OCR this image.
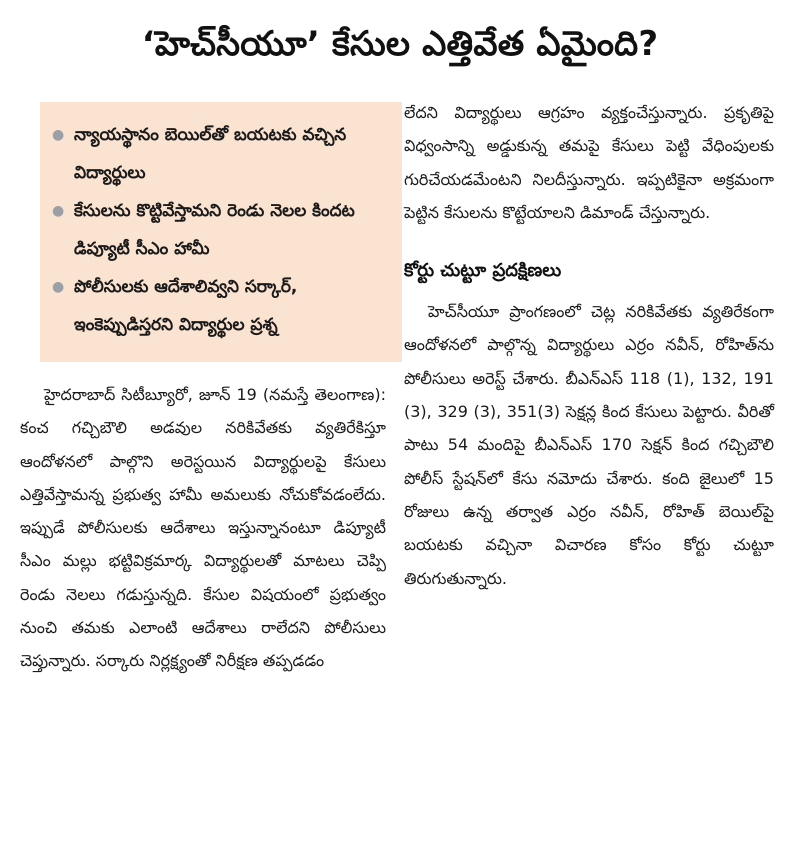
‘హెచ్‌సీయూ’ కేసుల ఎత్తివేత ఏమైంది?
● న్యాయస్థానం బెయిల్‌తో బయటకు వచ్చిన విద్యార్థులు
● కేసులను కొట్టివేస్తామని రెండు నెలల కిందట డిప్యూటీ సీఎం హామీ
● పోలీసులకు ఆదేశాలివ్వని సర్కార్, ఇంకెప్పుడిస్తరని విద్యార్థుల ప్రశ్న

హైదరాబాద్ సిటీబ్యూరో, జూన్ 19 (నమస్తే తెలంగాణ): కంచ గచ్చిబౌలి అడవుల నరికివేతకు వ్యతిరేకిస్తూ ఆందోళనలో పాల్గొని అరెస్టయిన విద్యార్థులపై కేసులు ఎత్తివేస్తామన్న ప్రభుత్వ హామీ అమలుకు నోచుకోవడంలేదు. ఇప్పుడే పోలీసులకు ఆదేశాలు ఇస్తున్నానంటూ డిప్యూటీ సీఎం మల్లు భట్టివిక్రమార్క విద్యార్థులతో మాటలు చెప్పి రెండు నెలలు గడుస్తున్నది. కేసుల విషయంలో ప్రభుత్వం నుంచి తమకు ఎలాంటి ఆదేశాలు రాలేదని పోలీసులు చెప్తున్నారు. సర్కారు నిర్లక్ష్యంతో నిరీక్షణ తప్పడడం

లేదని విద్యార్థులు ఆగ్రహం వ్యక్తంచేస్తున్నారు. ప్రకృతిపై విధ్వంసాన్ని అడ్డుకున్న తమపై కేసులు పెట్టి వేధింపులకు గురిచేయడమేంటని నిలదీస్తున్నారు. ఇప్పటికైనా అక్రమంగా పెట్టిన కేసులను కొట్టేయాలని డిమాండ్ చేస్తున్నారు.

కోర్టు చుట్టూ ప్రదక్షిణలు

హెచ్‌సీయూ ప్రాంగణంలో చెట్ల నరికివేతకు వ్యతిరేకంగా ఆందోళనలో పాల్గొన్న విద్యార్థులు ఎర్రం నవీన్, రోహిత్‌ను పోలీసులు అరెస్ట్ చేశారు. బీఎన్ఎస్ 118 (1), 132, 191 (3), 329 (3), 351(3) సెక్షన్ల కింద కేసులు పెట్టారు. వీరితో పాటు 54 మందిపై బీఎన్ఎస్ 170 సెక్షన్ కింద గచ్చిబౌలి పోలీస్ స్టేషన్‌లో కేసు నమోదు చేశారు. కంది జైలులో 15 రోజులు ఉన్న తర్వాత ఎర్రం నవీన్, రోహిత్ బెయిల్‌పై బయటకు వచ్చినా విచారణ కోసం కోర్టు చుట్టూ తిరుగుతున్నారు.
